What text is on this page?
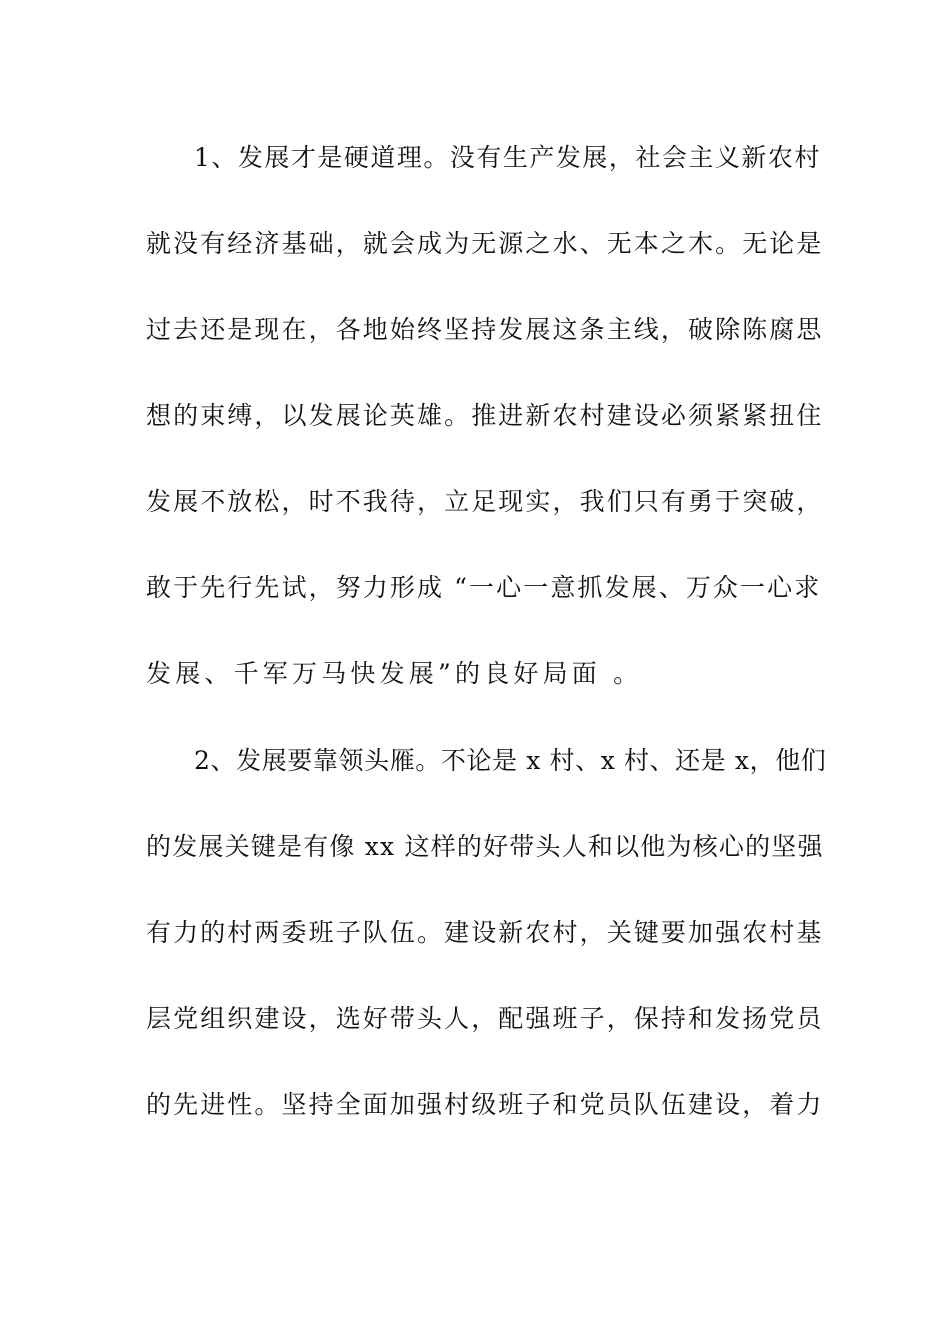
1、发展才是硬道理。没有生产发展，社会主义新农村
就没有经济基础，就会成为无源之水、无本之木。无论是
过去还是现在，各地始终坚持发展这条主线，破除陈腐思
想的束缚，以发展论英雄。推进新农村建设必须紧紧扭住
发展不放松，时不我待，立足现实，我们只有勇于突破，
敢于先行先试，努力形成 “一心一意抓发展、万众一心求
发展、千军万马快发展”的良好局面 。
2、发展要靠领头雁。不论是 x 村、x 村、还是 x，他们
的发展关键是有像 xx 这样的好带头人和以他为核心的坚强
有力的村两委班子队伍。建设新农村，关键要加强农村基
层党组织建设，选好带头人，配强班子，保持和发扬党员
的先进性。坚持全面加强村级班子和党员队伍建设，着力
